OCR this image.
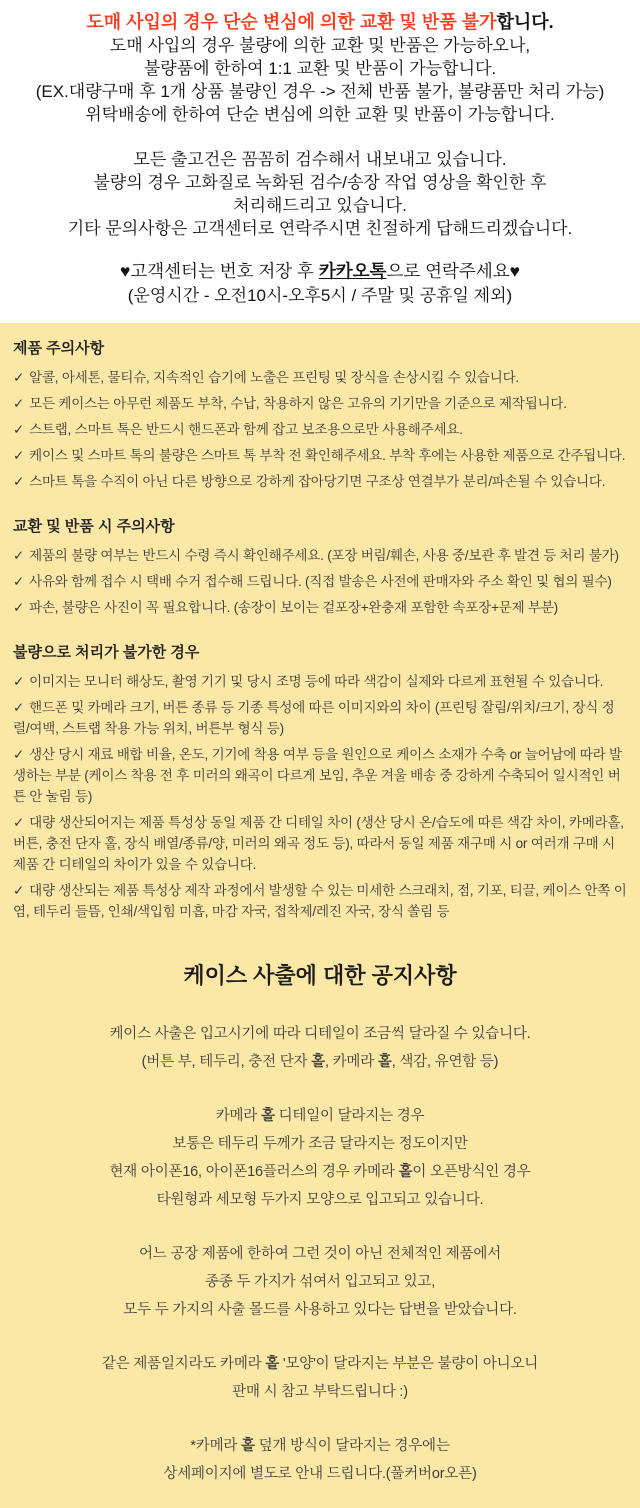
도매 사입의 경우 단순 변심에 의한 교환 및 반품 불가합니다.

도매 사입의 경우 불량에 의한 교환 및 반품은 가능하오나,

불량품에 한하여 1:1 교환 및 반품이 가능합니다.

(EX.대량구매 후 1개 상품 불량인 경우 -> 전체 반품 불가, 불량품만 처리 가능)

위탁배송에 한하여 단순 변심에 의한 교환 및 반품이 가능합니다.

모든 출고건은 꼼꼼히 검수해서 내보내고 있습니다.

불량의 경우 고화질로 녹화된 검수/송장 작업 영상을 확인한 후

처리해드리고 있습니다.

기타 문의사항은 고객센터로 연락주시면 친절하게 답해드리겠습니다.

♥고객센터는 번호 저장 후 카카오톡으로 연락주세요♥

(운영시간 - 오전10시-오후5시 / 주말 및 공휴일 제외)

제품 주의사항
✓ 알콜, 아세톤, 물티슈, 지속적인 습기에 노출은 프린팅 및 장식을 손상시킬 수 있습니다.
✓ 모든 케이스는 아무런 제품도 부착, 수납, 착용하지 않은 고유의 기기만을 기준으로 제작됩니다.
✓ 스트랩, 스마트 톡은 반드시 핸드폰과 함께 잡고 보조용으로만 사용해주세요.
✓ 케이스 및 스마트 톡의 불량은 스마트 톡 부착 전 확인해주세요. 부착 후에는 사용한 제품으로 간주됩니다.
✓ 스마트 톡을 수직이 아닌 다른 방향으로 강하게 잡아당기면 구조상 연결부가 분리/파손될 수 있습니다.
교환 및 반품 시 주의사항
✓ 제품의 불량 여부는 반드시 수령 즉시 확인해주세요. (포장 버림/훼손, 사용 중/보관 후 발견 등 처리 불가)
✓ 사유와 함께 접수 시 택배 수거 접수해 드립니다. (직접 발송은 사전에 판매자와 주소 확인 및 협의 필수)
✓ 파손, 불량은 사진이 꼭 필요합니다. (송장이 보이는 겉포장+완충재 포함한 속포장+문제 부분)
불량으로 처리가 불가한 경우
✓ 이미지는 모니터 해상도, 촬영 기기 및 당시 조명 등에 따라 색감이 실제와 다르게 표현될 수 있습니다.
✓ 핸드폰 및 카메라 크기, 버튼 종류 등 기종 특성에 따른 이미지와의 차이 (프린팅 잘림/위치/크기, 장식 정렬/여백, 스트랩 착용 가능 위치, 버튼부 형식 등)
✓ 생산 당시 재료 배합 비율, 온도, 기기에 착용 여부 등을 원인으로 케이스 소재가 수축 or 늘어남에 따라 발생하는 부분 (케이스 착용 전 후 미러의 왜곡이 다르게 보임, 추운 겨울 배송 중 강하게 수축되어 일시적인 버튼 안 눌림 등)
✓ 대량 생산되어지는 제품 특성상 동일 제품 간 디테일 차이 (생산 당시 온/습도에 따른 색감 차이, 카메라홀, 버튼, 충전 단자 홀, 장식 배열/종류/양, 미러의 왜곡 정도 등), 따라서 동일 제품 재구매 시 or 여러개 구매 시 제품 간 디테일의 차이가 있을 수 있습니다.
✓ 대량 생산되는 제품 특성상 제작 과정에서 발생할 수 있는 미세한 스크래치, 점, 기포, 티끌, 케이스 안쪽 이염, 테두리 들뜸, 인쇄/색입힘 미흡, 마감 자국, 접착제/레진 자국, 장식 쏠림 등
케이스 사출에 대한 공지사항
케이스 사출은 입고시기에 따라 디테일이 조금씩 달라질 수 있습니다.
(버튼 부, 테두리, 충전 단자 홀, 카메라 홀, 색감, 유연함 등)
카메라 홀 디테일이 달라지는 경우
보통은 테두리 두께가 조금 달라지는 정도이지만
현재 아이폰16, 아이폰16플러스의 경우 카메라 홀이 오픈방식인 경우
타원형과 세모형 두가지 모양으로 입고되고 있습니다.
어느 공장 제품에 한하여 그런 것이 아닌 전체적인 제품에서
종종 두 가지가 섞여서 입고되고 있고,
모두 두 가지의 사출 몰드를 사용하고 있다는 답변을 받았습니다.
같은 제품일지라도 카메라 홀 '모양'이 달라지는 부분은 불량이 아니오니
판매 시 참고 부탁드립니다 :)
*카메라 홀 덮개 방식이 달라지는 경우에는
상세페이지에 별도로 안내 드립니다.(풀커버or오픈)
